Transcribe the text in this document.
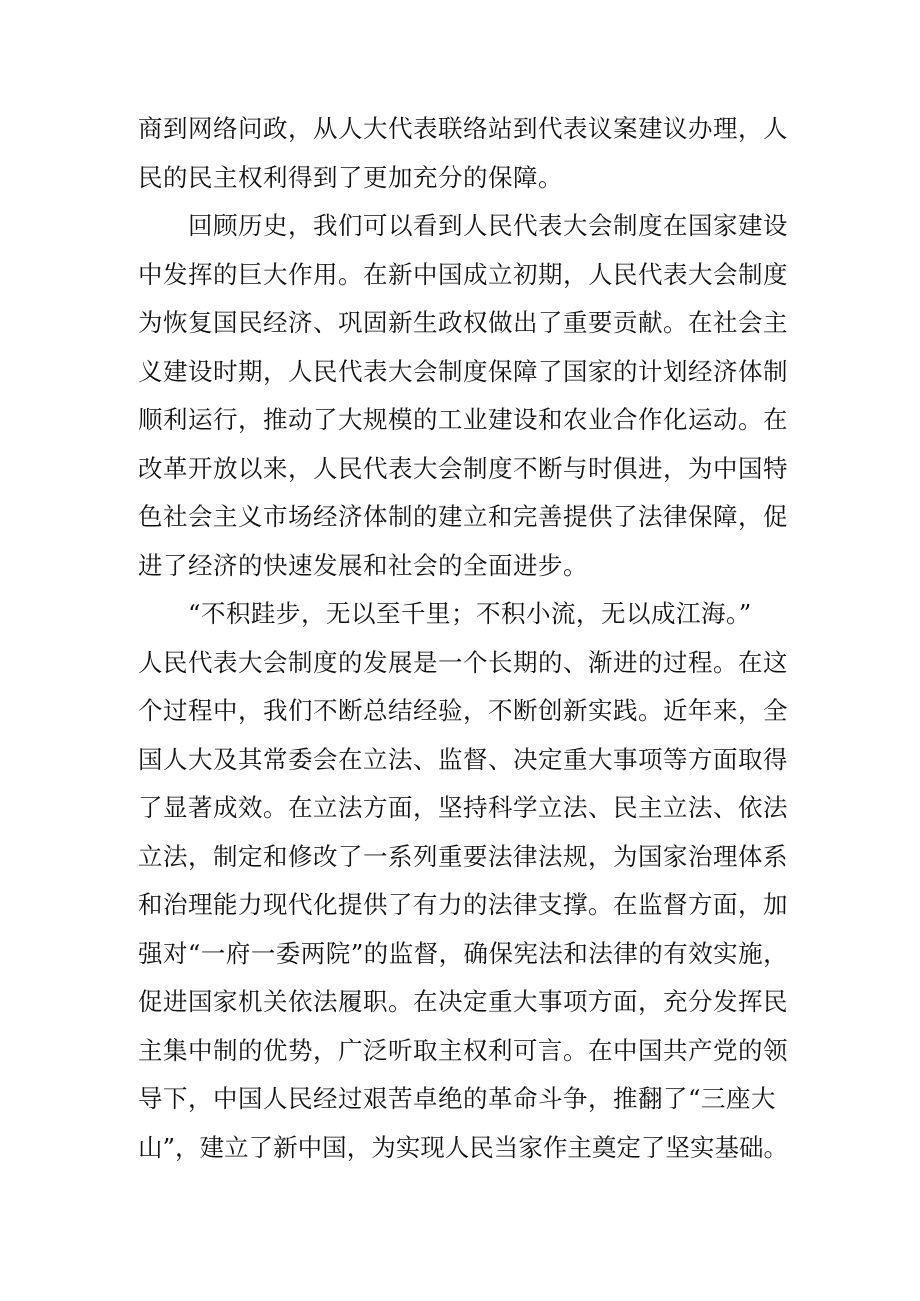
商到网络问政，从人大代表联络站到代表议案建议办理，人
民的民主权利得到了更加充分的保障。
回顾历史，我们可以看到人民代表大会制度在国家建设
中发挥的巨大作用。在新中国成立初期，人民代表大会制度
为恢复国民经济、巩固新生政权做出了重要贡献。在社会主
义建设时期，人民代表大会制度保障了国家的计划经济体制
顺利运行，推动了大规模的工业建设和农业合作化运动。在
改革开放以来，人民代表大会制度不断与时俱进，为中国特
色社会主义市场经济体制的建立和完善提供了法律保障，促
进了经济的快速发展和社会的全面进步。
“不积跬步，无以至千里；不积小流，无以成江海。”
人民代表大会制度的发展是一个长期的、渐进的过程。在这
个过程中，我们不断总结经验，不断创新实践。近年来，全
国人大及其常委会在立法、监督、决定重大事项等方面取得
了显著成效。在立法方面，坚持科学立法、民主立法、依法
立法，制定和修改了一系列重要法律法规，为国家治理体系
和治理能力现代化提供了有力的法律支撑。在监督方面，加
强对“一府一委两院”的监督，确保宪法和法律的有效实施，
促进国家机关依法履职。在决定重大事项方面，充分发挥民
主集中制的优势，广泛听取主权利可言。在中国共产党的领
导下，中国人民经过艰苦卓绝的革命斗争，推翻了“三座大
山”，建立了新中国，为实现人民当家作主奠定了坚实基础。
